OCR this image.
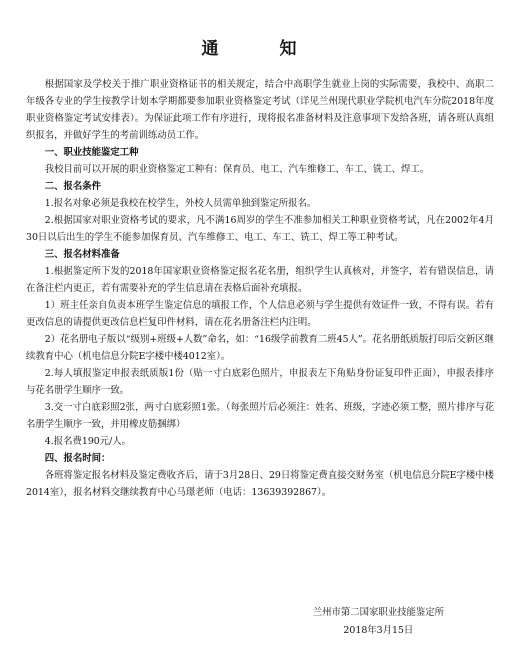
通　知

根据国家及学校关于推广职业资格证书的相关规定，结合中高职学生就业上岗的实际需要，我校中、高职二年级各专业的学生按教学计划本学期都要参加职业资格鉴定考试（详见兰州现代职业学院机电汽车分院2018年度职业资格鉴定考试安排表）。为保证此项工作有序进行，现将报名准备材料及注意事项下发给各班，请各班认真组织报名，并做好学生的考前训练动员工作。

一、职业技能鉴定工种

我校目前可以开展的职业资格鉴定工种有：保育员、电工、汽车维修工、车工、铣工、焊工。

二、报名条件

1.报名对象必须是我校在校学生，外校人员需单独到鉴定所报名。

2.根据国家对职业资格考试的要求，凡不满16周岁的学生不准参加相关工种职业资格考试，凡在2002年4月30日以后出生的学生不能参加保育员、汽车维修工、电工、车工、铣工、焊工等工种考试。

三、报名材料准备

1.根据鉴定所下发的2018年国家职业资格鉴定报名花名册，组织学生认真核对，并签字，若有错误信息，请在备注栏内更正，若有需要补充的学生信息请在表格后面补充填报。

1）班主任亲自负责本班学生鉴定信息的填报工作，个人信息必须与学生提供有效证件一致，不得有误。若有更改信息的请提供更改信息栏复印件材料，请在花名册备注栏内注明。

2）花名册电子版以“级别+班级+人数”命名，如：“16级学前教育二班45人”。花名册纸质版打印后交新区继续教育中心（机电信息分院E字楼中楼4012室）。

2.每人填报鉴定申报表纸质版1份（贴一寸白底彩色照片，申报表左下角贴身份证复印件正面），申报表排序与花名册学生顺序一致。

3.交一寸白底彩照2张，两寸白底彩照1张。（每张照片后必须注：姓名、班级，字迹必须工整，照片排序与花名册学生顺序一致，并用橡皮筋捆绑）

4.报名费190元/人。

四、报名时间：

各班将鉴定报名材料及鉴定费收齐后，请于3月28日、29日将鉴定费直接交财务室（机电信息分院E字楼中楼2014室），报名材料交继续教育中心马璟老师（电话：13639392867）。

兰州市第二国家职业技能鉴定所
2018年3月15日
